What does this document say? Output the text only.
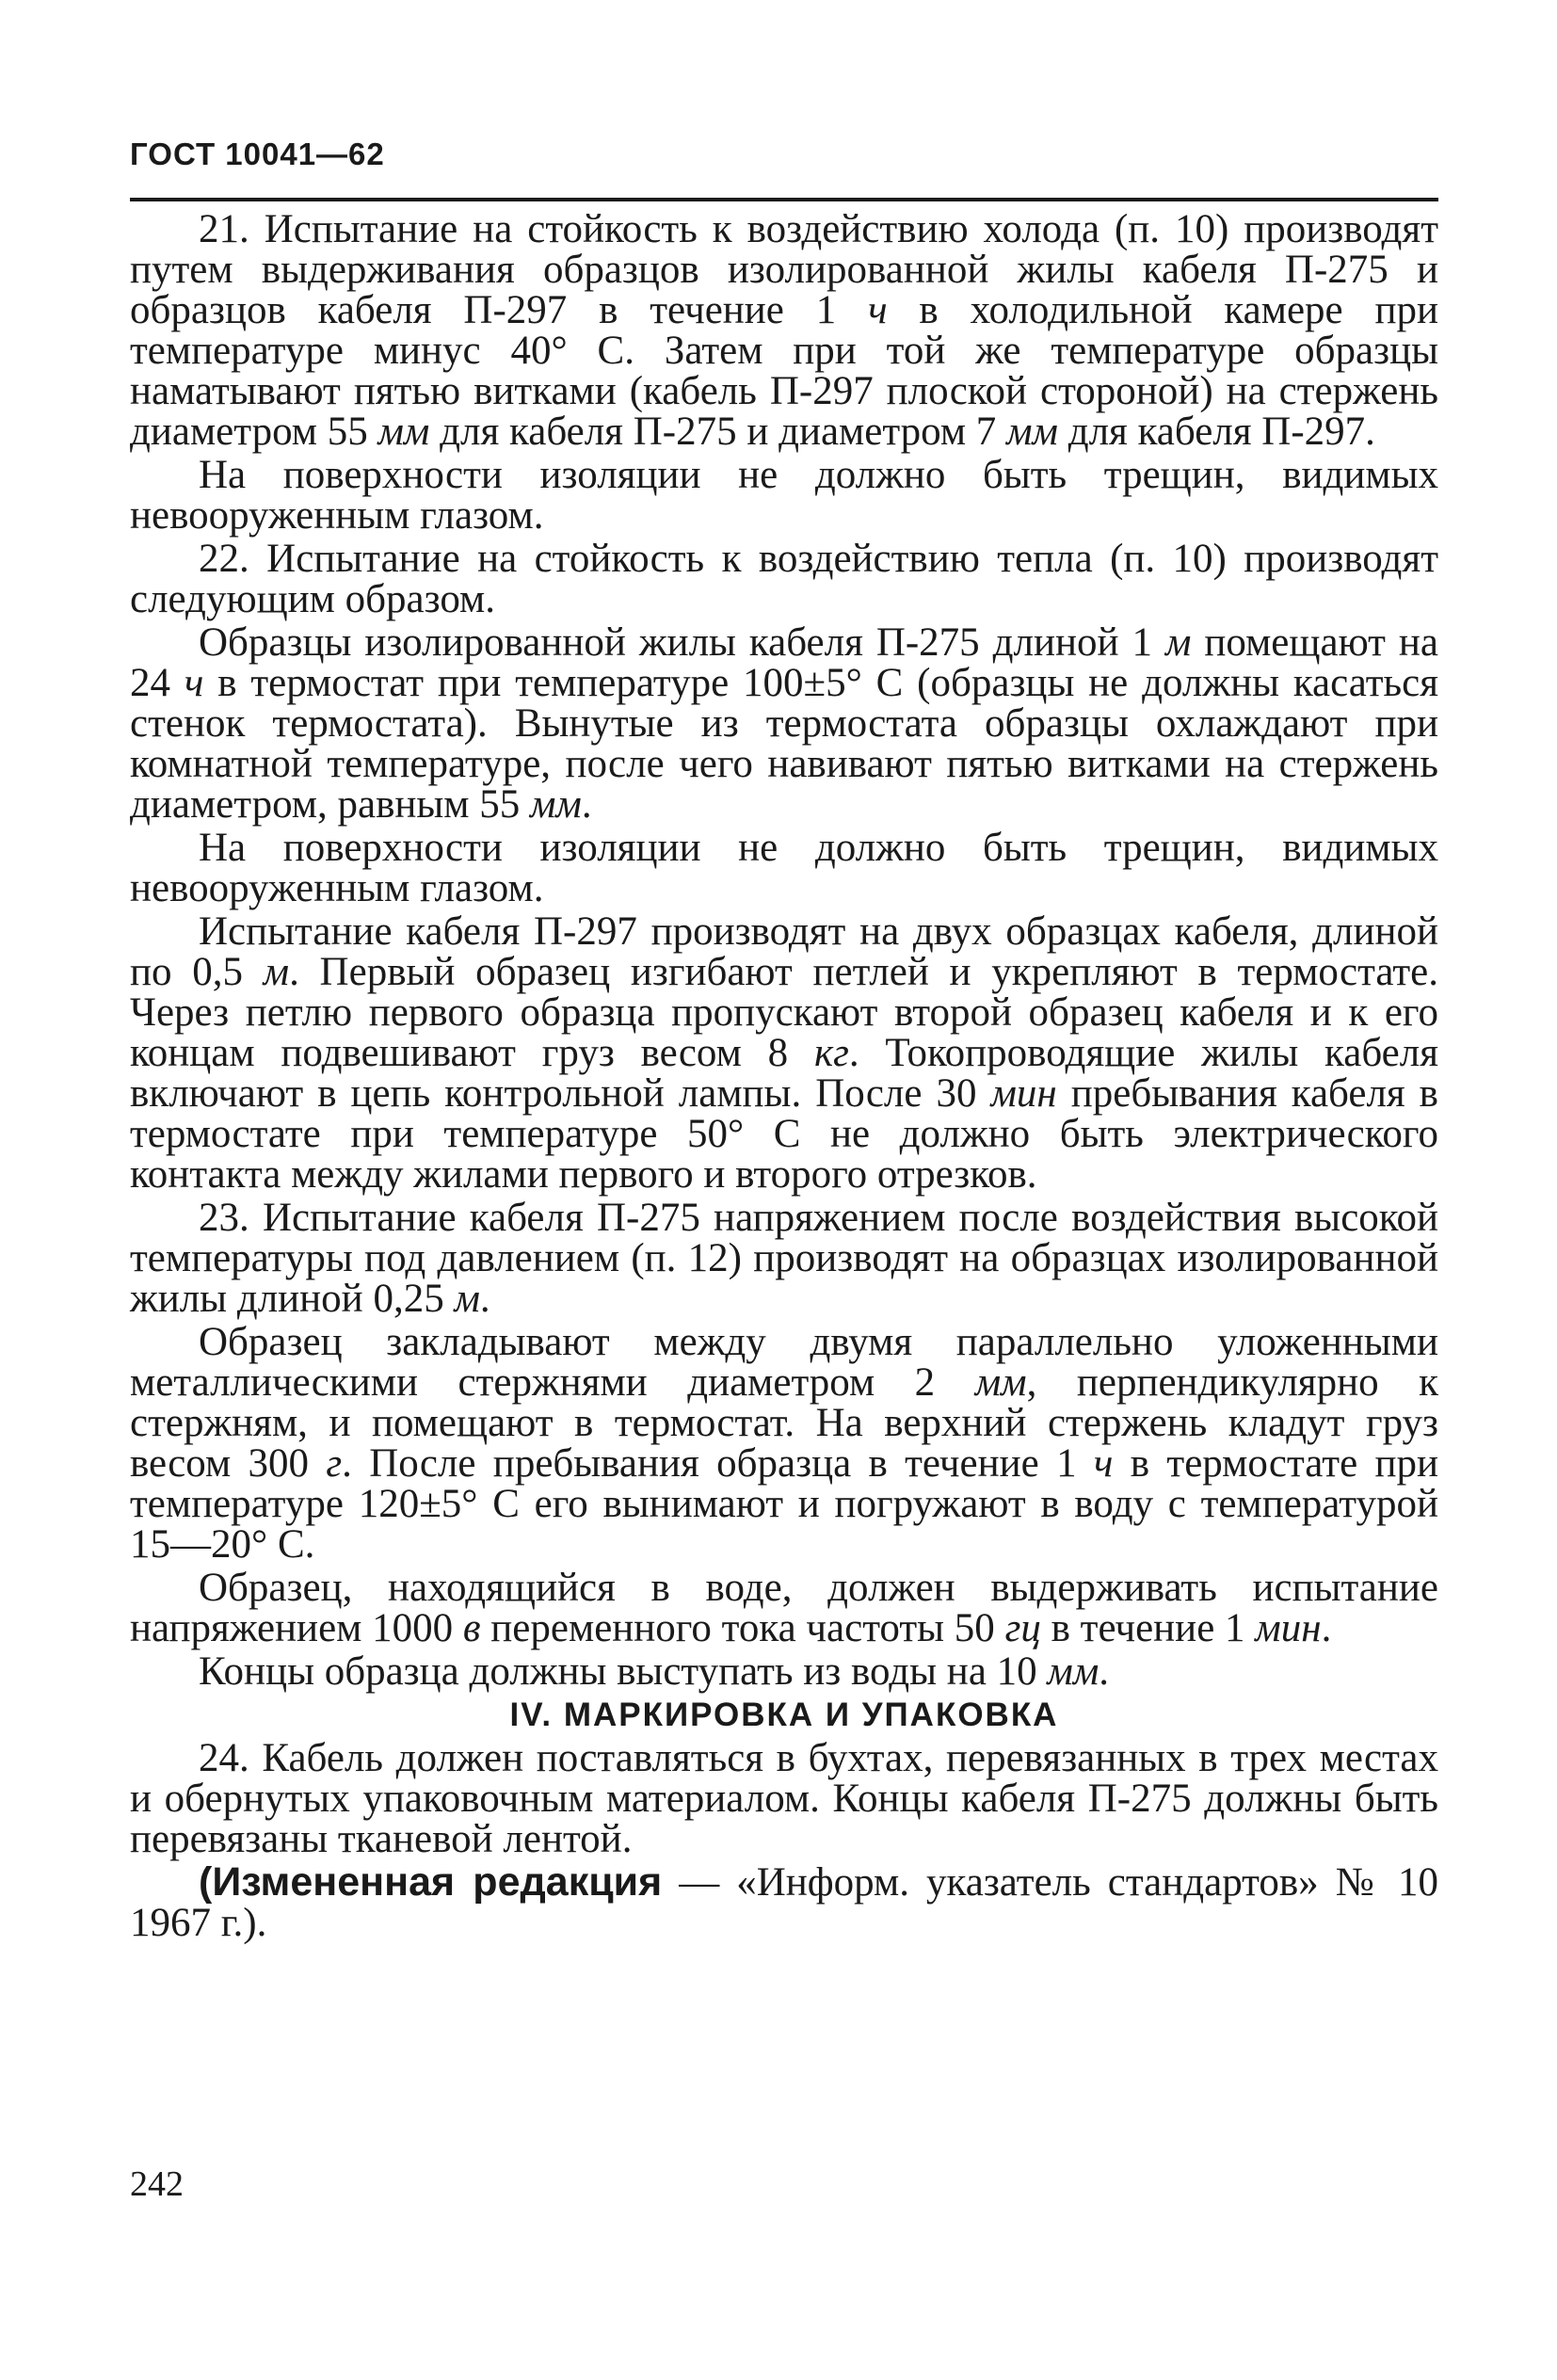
ГОСТ 10041—62

21. Испытание на стойкость к воздействию холода (п. 10) производят путем выдерживания образцов изолированной жилы кабеля П-275 и образцов кабеля П-297 в течение 1 ч в холодильной камере при температуре минус 40° С. Затем при той же температуре образцы наматывают пятью витками (кабель П-297 плоской стороной) на стержень диаметром 55 мм для кабеля П-275 и диаметром 7 мм для кабеля П-297.

На поверхности изоляции не должно быть трещин, видимых невооруженным глазом.

22. Испытание на стойкость к воздействию тепла (п. 10) производят следующим образом.

Образцы изолированной жилы кабеля П-275 длиной 1 м помещают на 24 ч в термостат при температуре 100±5° С (образцы не должны касаться стенок термостата). Вынутые из термостата образцы охлаждают при комнатной температуре, после чего навивают пятью витками на стержень диаметром, равным 55 мм.

На поверхности изоляции не должно быть трещин, видимых невооруженным глазом.

Испытание кабеля П-297 производят на двух образцах кабеля, длиной по 0,5 м. Первый образец изгибают петлей и укрепляют в термостате. Через петлю первого образца пропускают второй образец кабеля и к его концам подвешивают груз весом 8 кг. Токопроводящие жилы кабеля включают в цепь контрольной лампы. После 30 мин пребывания кабеля в термостате при температуре 50° С не должно быть электрического контакта между жилами первого и второго отрезков.

23. Испытание кабеля П-275 напряжением после воздействия высокой температуры под давлением (п. 12) производят на образцах изолированной жилы длиной 0,25 м.

Образец закладывают между двумя параллельно уложенными металлическими стержнями диаметром 2 мм, перпендикулярно к стержням, и помещают в термостат. На верхний стержень кладут груз весом 300 г. После пребывания образца в течение 1 ч в термостате при температуре 120±5° С его вынимают и погружают в воду с температурой 15—20° С.

Образец, находящийся в воде, должен выдерживать испытание напряжением 1000 в переменного тока частоты 50 гц в течение 1 мин.

Концы образца должны выступать из воды на 10 мм.

IV. МАРКИРОВКА И УПАКОВКА

24. Кабель должен поставляться в бухтах, перевязанных в трех местах и обернутых упаковочным материалом. Концы кабеля П-275 должны быть перевязаны тканевой лентой.

(Измененная редакция — «Информ. указатель стандартов» № 10 1967 г.).

242
